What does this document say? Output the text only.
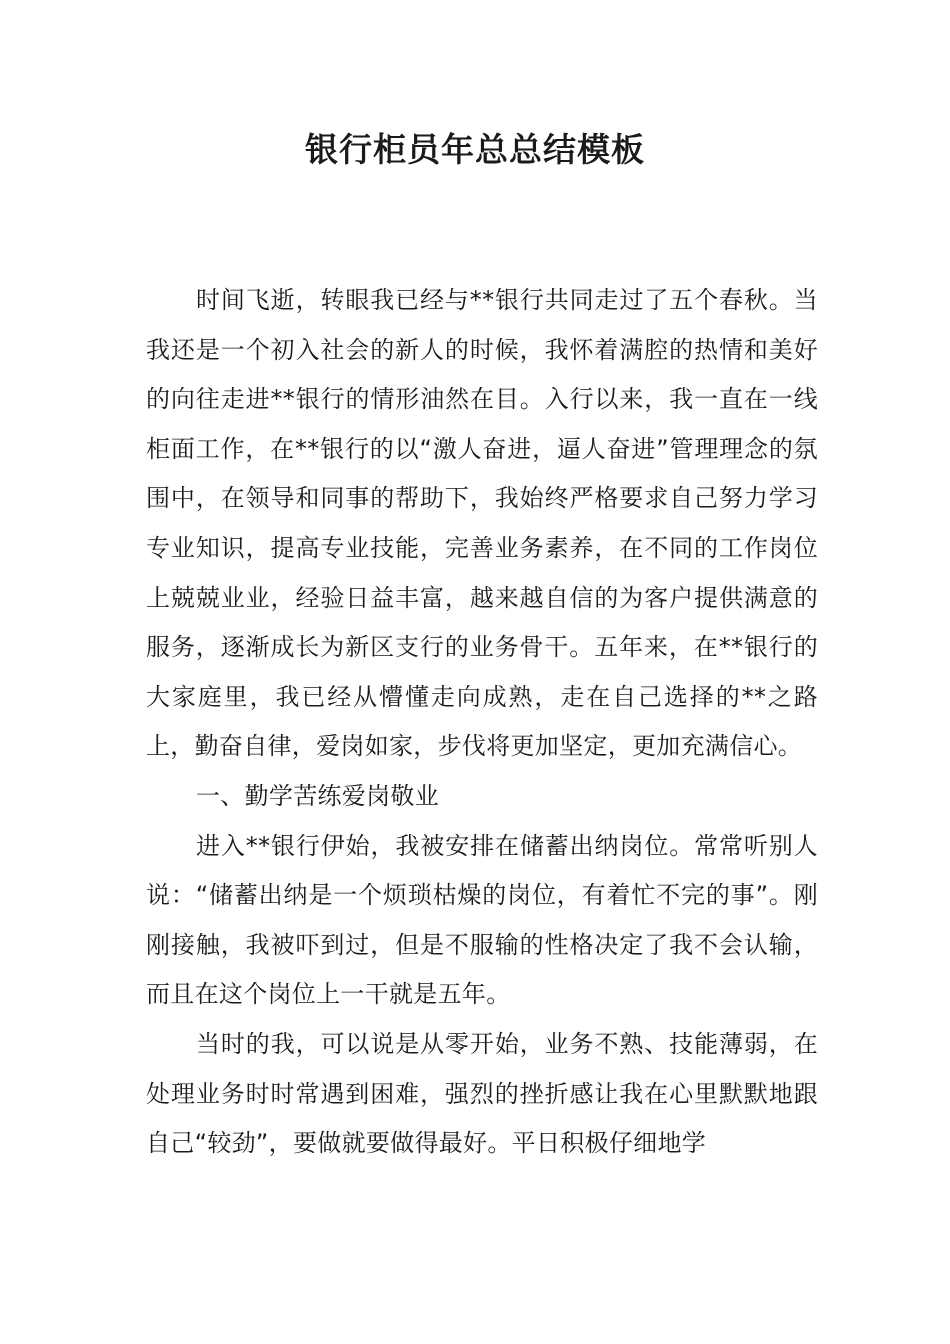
银行柜员年总总结模板

时间飞逝，转眼我已经与**银行共同走过了五个春秋。当我还是一个初入社会的新人的时候，我怀着满腔的热情和美好的向往走进**银行的情形油然在目。入行以来，我一直在一线柜面工作，在**银行的以“激人奋进，逼人奋进”管理理念的氛围中，在领导和同事的帮助下，我始终严格要求自己努力学习专业知识，提高专业技能，完善业务素养，在不同的工作岗位上兢兢业业，经验日益丰富，越来越自信的为客户提供满意的服务，逐渐成长为新区支行的业务骨干。五年来，在**银行的大家庭里，我已经从懵懂走向成熟，走在自己选择的**之路上，勤奋自律，爱岗如家，步伐将更加坚定，更加充满信心。

一、勤学苦练爱岗敬业

进入**银行伊始，我被安排在储蓄出纳岗位。常常听别人说：“储蓄出纳是一个烦琐枯燥的岗位，有着忙不完的事”。刚刚接触，我被吓到过，但是不服输的性格决定了我不会认输，而且在这个岗位上一干就是五年。

当时的我，可以说是从零开始，业务不熟、技能薄弱，在处理业务时时常遇到困难，强烈的挫折感让我在心里默默地跟自己“较劲”，要做就要做得最好。平日积极仔细地学
